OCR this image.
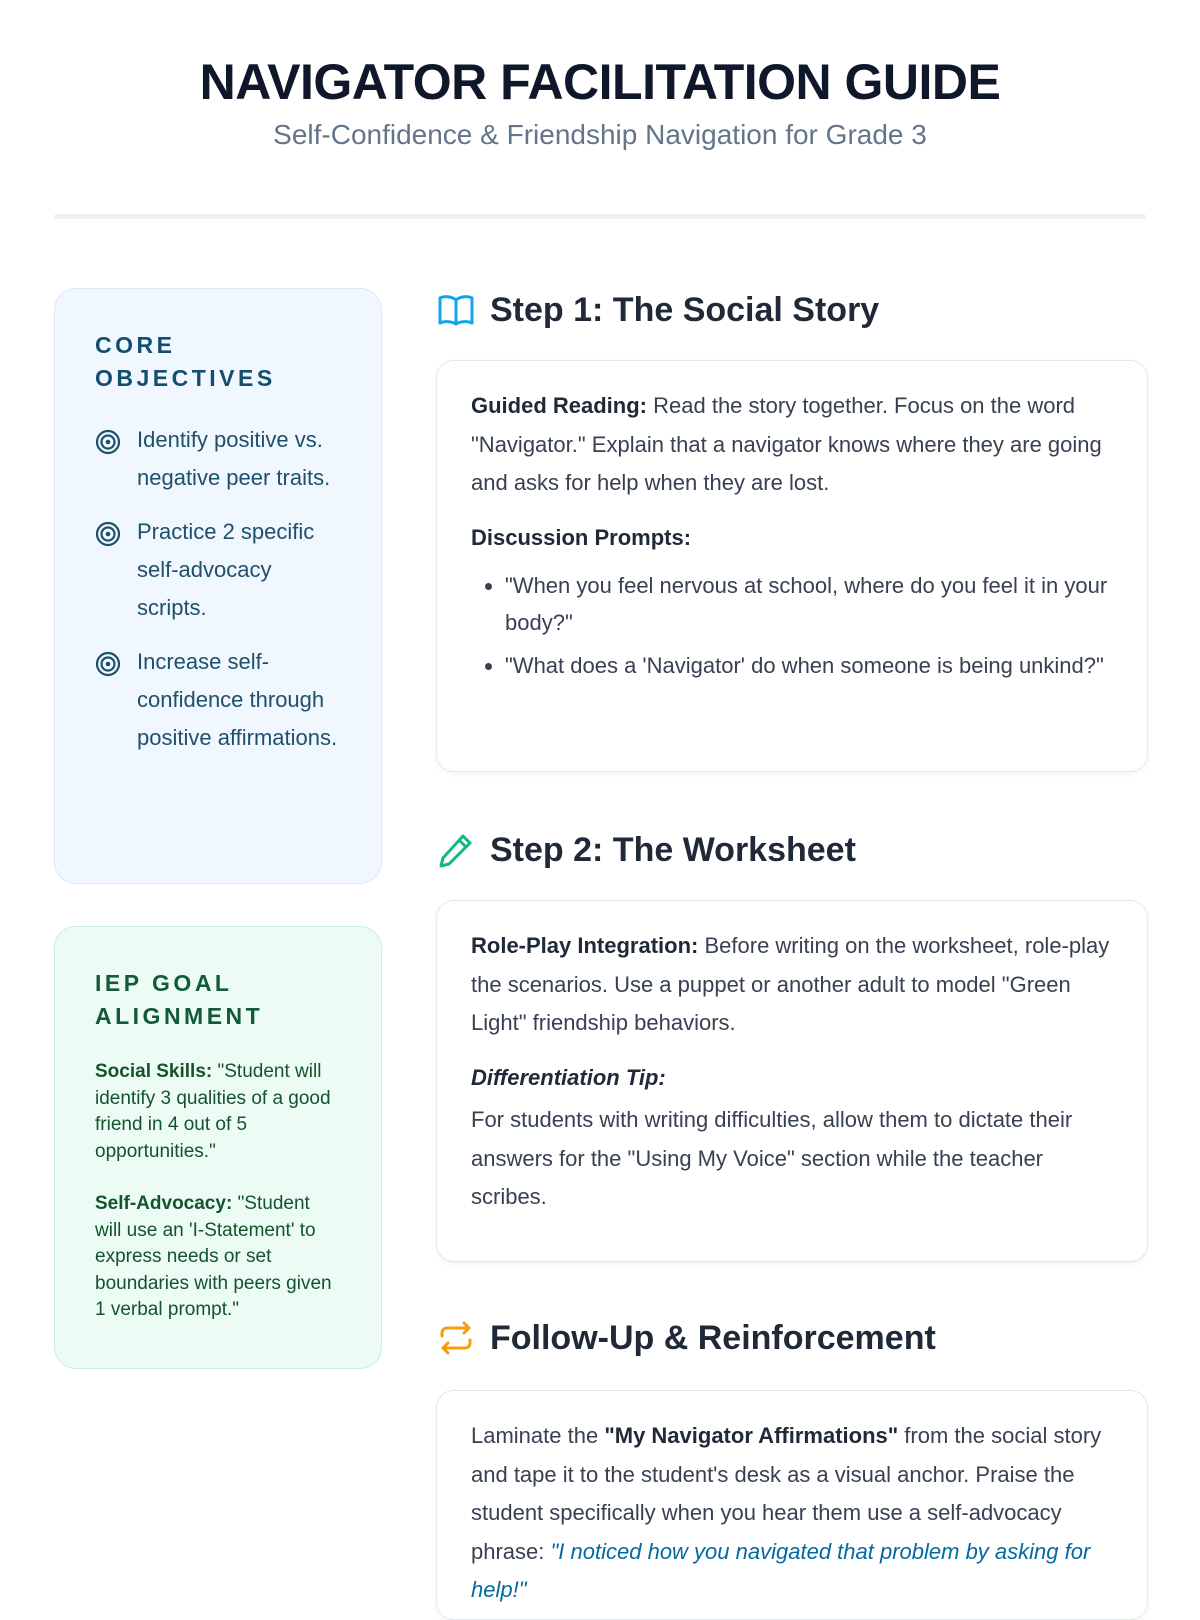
NAVIGATOR FACILITATION GUIDE
Self-Confidence & Friendship Navigation for Grade 3
CORE OBJECTIVES
Identify positive vs. negative peer traits.
Practice 2 specific self-advocacy scripts.
Increase self-confidence through positive affirmations.
IEP GOAL ALIGNMENT
Social Skills: "Student will identify 3 qualities of a good friend in 4 out of 5 opportunities."
Self-Advocacy: "Student will use an 'I-Statement' to express needs or set boundaries with peers given 1 verbal prompt."
Step 1: The Social Story

Guided Reading: Read the story together. Focus on the word "Navigator." Explain that a navigator knows where they are going and asks for help when they are lost.

Discussion Prompts:

• "When you feel nervous at school, where do you feel it in your body?"
• "What does a 'Navigator' do when someone is being unkind?"
Step 2: The Worksheet

Role-Play Integration: Before writing on the worksheet, role-play the scenarios. Use a puppet or another adult to model "Green Light" friendship behaviors.

Differentiation Tip:

For students with writing difficulties, allow them to dictate their answers for the "Using My Voice" section while the teacher scribes.

Follow-Up & Reinforcement

Laminate the "My Navigator Affirmations" from the social story and tape it to the student's desk as a visual anchor. Praise the student specifically when you hear them use a self-advocacy phrase: "I noticed how you navigated that problem by asking for help!"
